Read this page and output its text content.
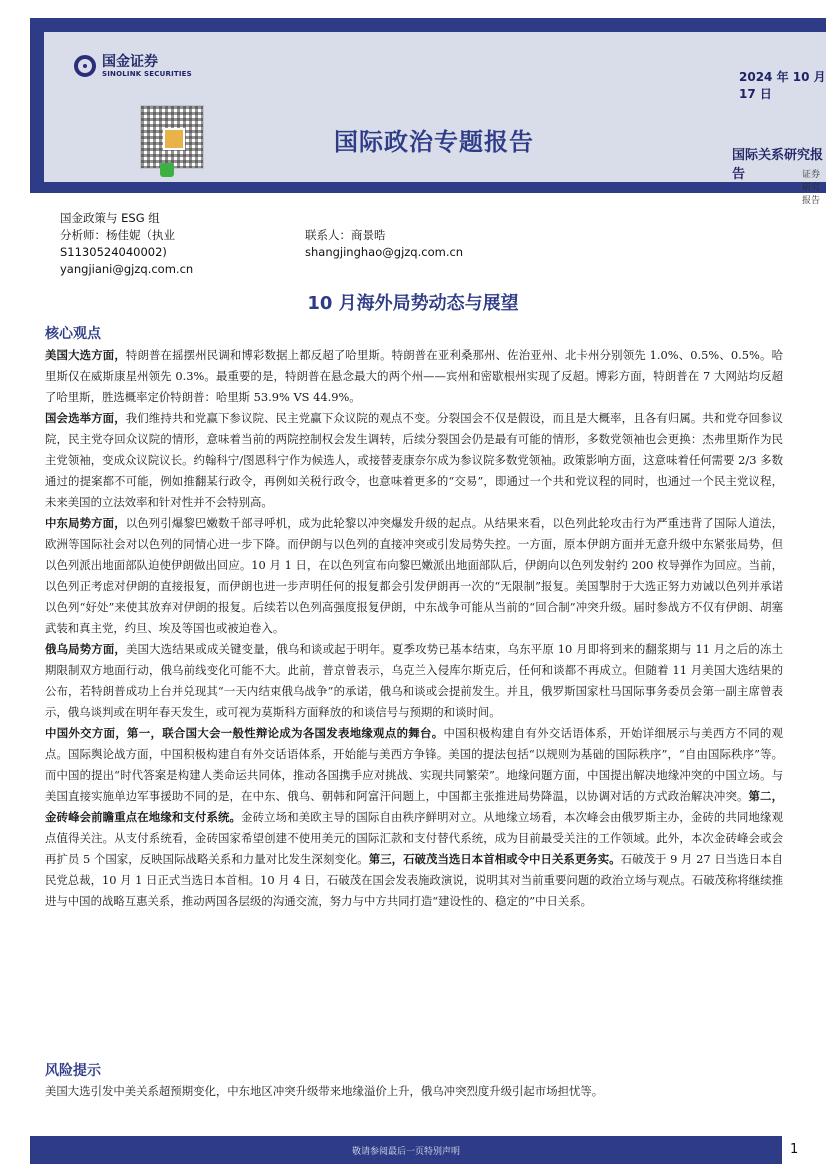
国金证券
SINOLINK SECURITIES	2024 年 10 月 17 日
国际政治专题报告	国际关系研究报告	证券研究报告
国金政策与 ESG 组
分析师：杨佳妮（执业
S1130524040002)
yangjiani@gjzq.com.cn
联系人：商景晧
shangjinghao@gjzq.com.cn
10 月海外局势动态与展望
核心观点

美国大选方面，特朗普在摇摆州民调和博彩数据上都反超了哈里斯。特朗普在亚利桑那州、佐治亚州、北卡州分别领先 1.0%、0.5%、0.5%。哈里斯仅在威斯康星州领先 0.3%。最重要的是，特朗普在悬念最大的两个州——宾州和密歇根州实现了反超。博彩方面，特朗普在 7 大网站均反超了哈里斯，胜选概率定价特朗普：哈里斯 53.9% VS 44.9%。

国会选举方面，我们维持共和党赢下参议院、民主党赢下众议院的观点不变。分裂国会不仅是假设，而且是大概率，且各有归属。共和党夺回参议院，民主党夺回众议院的情形，意味着当前的两院控制权会发生调转，后续分裂国会仍是最有可能的情形，多数党领袖也会更换：杰弗里斯作为民主党领袖，变成众议院议长。约翰科宁/图恩科宁作为候选人，或接替麦康奈尔成为参议院多数党领袖。政策影响方面，这意味着任何需要 2/3 多数通过的提案都不可能，例如推翻某行政令，再例如关税行政令，也意味着更多的“交易”，即通过一个共和党议程的同时，也通过一个民主党议程，未来美国的立法效率和针对性并不会特别高。

中东局势方面，以色列引爆黎巴嫩数千部寻呼机，成为此轮黎以冲突爆发升级的起点。从结果来看，以色列此轮攻击行为严重违背了国际人道法，欧洲等国际社会对以色列的同情心进一步下降。而伊朗与以色列的直接冲突或引发局势失控。一方面，原本伊朗方面并无意升级中东紧张局势，但以色列派出地面部队迫使伊朗做出回应。10 月 1 日，在以色列宣布向黎巴嫩派出地面部队后，伊朗向以色列发射约 200 枚导弹作为回应。当前，以色列正考虑对伊朗的直接报复，而伊朗也进一步声明任何的报复都会引发伊朗再一次的“无限制”报复。美国掣肘于大选正努力劝诫以色列并承诺以色列“好处”来使其放弃对伊朗的报复。后续若以色列高强度报复伊朗，中东战争可能从当前的“回合制”冲突升级。届时参战方不仅有伊朗、胡塞武装和真主党，约旦、埃及等国也或被迫卷入。

俄乌局势方面，美国大选结果或成关键变量，俄乌和谈或起于明年。夏季攻势已基本结束，乌东平原 10 月即将到来的翻浆期与 11 月之后的冻土期限制双方地面行动，俄乌前线变化可能不大。此前，普京曾表示，乌克兰入侵库尔斯克后，任何和谈都不再成立。但随着 11 月美国大选结果的公布，若特朗普成功上台并兑现其“一天内结束俄乌战争”的承诺，俄乌和谈或会提前发生。并且，俄罗斯国家杜马国际事务委员会第一副主席曾表示，俄乌谈判或在明年春天发生，或可视为莫斯科方面释放的和谈信号与预期的和谈时间。

中国外交方面，第一，联合国大会一般性辩论成为各国发表地缘观点的舞台。中国积极构建自有外交话语体系，开始详细展示与美西方不同的观点。国际舆论战方面，中国积极构建自有外交话语体系，开始能与美西方争锋。美国的提法包括“以规则为基础的国际秩序”，“自由国际秩序”等。而中国的提出“时代答案是构建人类命运共同体，推动各国携手应对挑战、实现共同繁荣”。地缘问题方面，中国提出解决地缘冲突的中国立场。与美国直接实施单边军事援助不同的是，在中东、俄乌、朝韩和阿富汗问题上，中国都主张推进局势降温，以协调对话的方式政治解决冲突。第二，金砖峰会前瞻重点在地缘和支付系统。金砖立场和美欧主导的国际自由秩序鲜明对立。从地缘立场看，本次峰会由俄罗斯主办，金砖的共同地缘观点值得关注。从支付系统看，金砖国家希望创建不使用美元的国际汇款和支付替代系统，成为目前最受关注的工作领域。此外，本次金砖峰会或会再扩员 5 个国家，反映国际战略关系和力量对比发生深刻变化。第三，石破茂当选日本首相或令中日关系更务实。石破茂于 9 月 27 日当选日本自民党总裁，10 月 1 日正式当选日本首相。10 月 4 日，石破茂在国会发表施政演说，说明其对当前重要问题的政治立场与观点。石破茂称将继续推进与中国的战略互惠关系，推动两国各层级的沟通交流，努力与中方共同打造“建设性的、稳定的”中日关系。

风险提示

美国大选引发中美关系超预期变化，中东地区冲突升级带来地缘溢价上升，俄乌冲突烈度升级引起市场担忧等。

敬请参阅最后一页特别声明	1
